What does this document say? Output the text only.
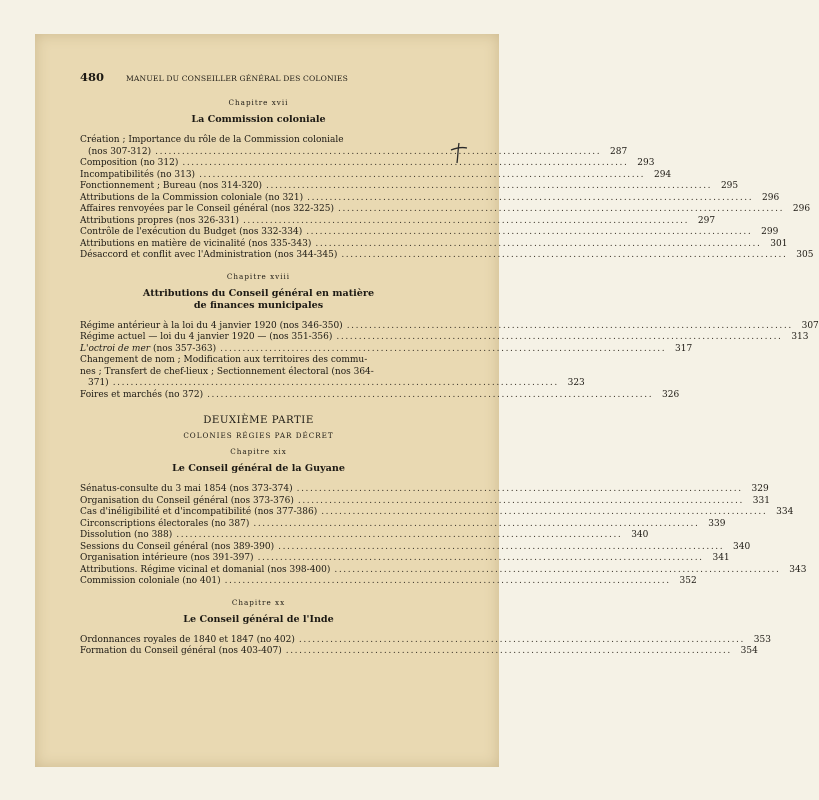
480	MANUEL DU CONSEILLER GÉNÉRAL DES COLONIES
Chapitre xvii
La Commission coloniale
Création ; Importance du rôle de la Commission coloniale
(nos 307-312) .................................................................................................... 287
Composition (no 312) .................................................................................................... 293
Incompatibilités (no 313) .................................................................................................... 294
Fonctionnement ; Bureau (nos 314-320) .................................................................................................... 295
Attributions de la Commission coloniale (no 321) .................................................................................................... 296
Affaires renvoyées par le Conseil général (nos 322-325) .................................................................................................... 296
Attributions propres (nos 326-331) .................................................................................................... 297
Contrôle de l'exécution du Budget (nos 332-334) .................................................................................................... 299
Attributions en matière de vicinalité (nos 335-343) .................................................................................................... 301
Désaccord et conflit avec l'Administration (nos 344-345) .................................................................................................... 305
Chapitre xviii
Attributions du Conseil général en matière
de finances municipales
Régime antérieur à la loi du 4 janvier 1920 (nos 346-350) .................................................................................................... 307
Régime actuel — loi du 4 janvier 1920 — (nos 351-356) .................................................................................................... 313
L'octroi de mer (nos 357-363) .................................................................................................... 317
Changement de nom ; Modification aux territoires des commu-
nes ; Transfert de chef-lieux ; Sectionnement électoral (nos 364-
371) .................................................................................................... 323
Foires et marchés (no 372) .................................................................................................... 326
DEUXIÈME PARTIE
COLONIES RÉGIES PAR DÉCRET
Chapitre xix
Le Conseil général de la Guyane
Sénatus-consulte du 3 mai 1854 (nos 373-374) .................................................................................................... 329
Organisation du Conseil général (nos 373-376) .................................................................................................... 331
Cas d'inéligibilité et d'incompatibilité (nos 377-386) .................................................................................................... 334
Circonscriptions électorales (no 387) .................................................................................................... 339
Dissolution (no 388) .................................................................................................... 340
Sessions du Conseil général (nos 389-390) .................................................................................................... 340
Organisation intérieure (nos 391-397) .................................................................................................... 341
Attributions. Régime vicinal et domanial (nos 398-400) .................................................................................................... 343
Commission coloniale (no 401) .................................................................................................... 352
Chapitre xx
Le Conseil général de l'Inde
Ordonnances royales de 1840 et 1847 (no 402) .................................................................................................... 353
Formation du Conseil général (nos 403-407) .................................................................................................... 354
